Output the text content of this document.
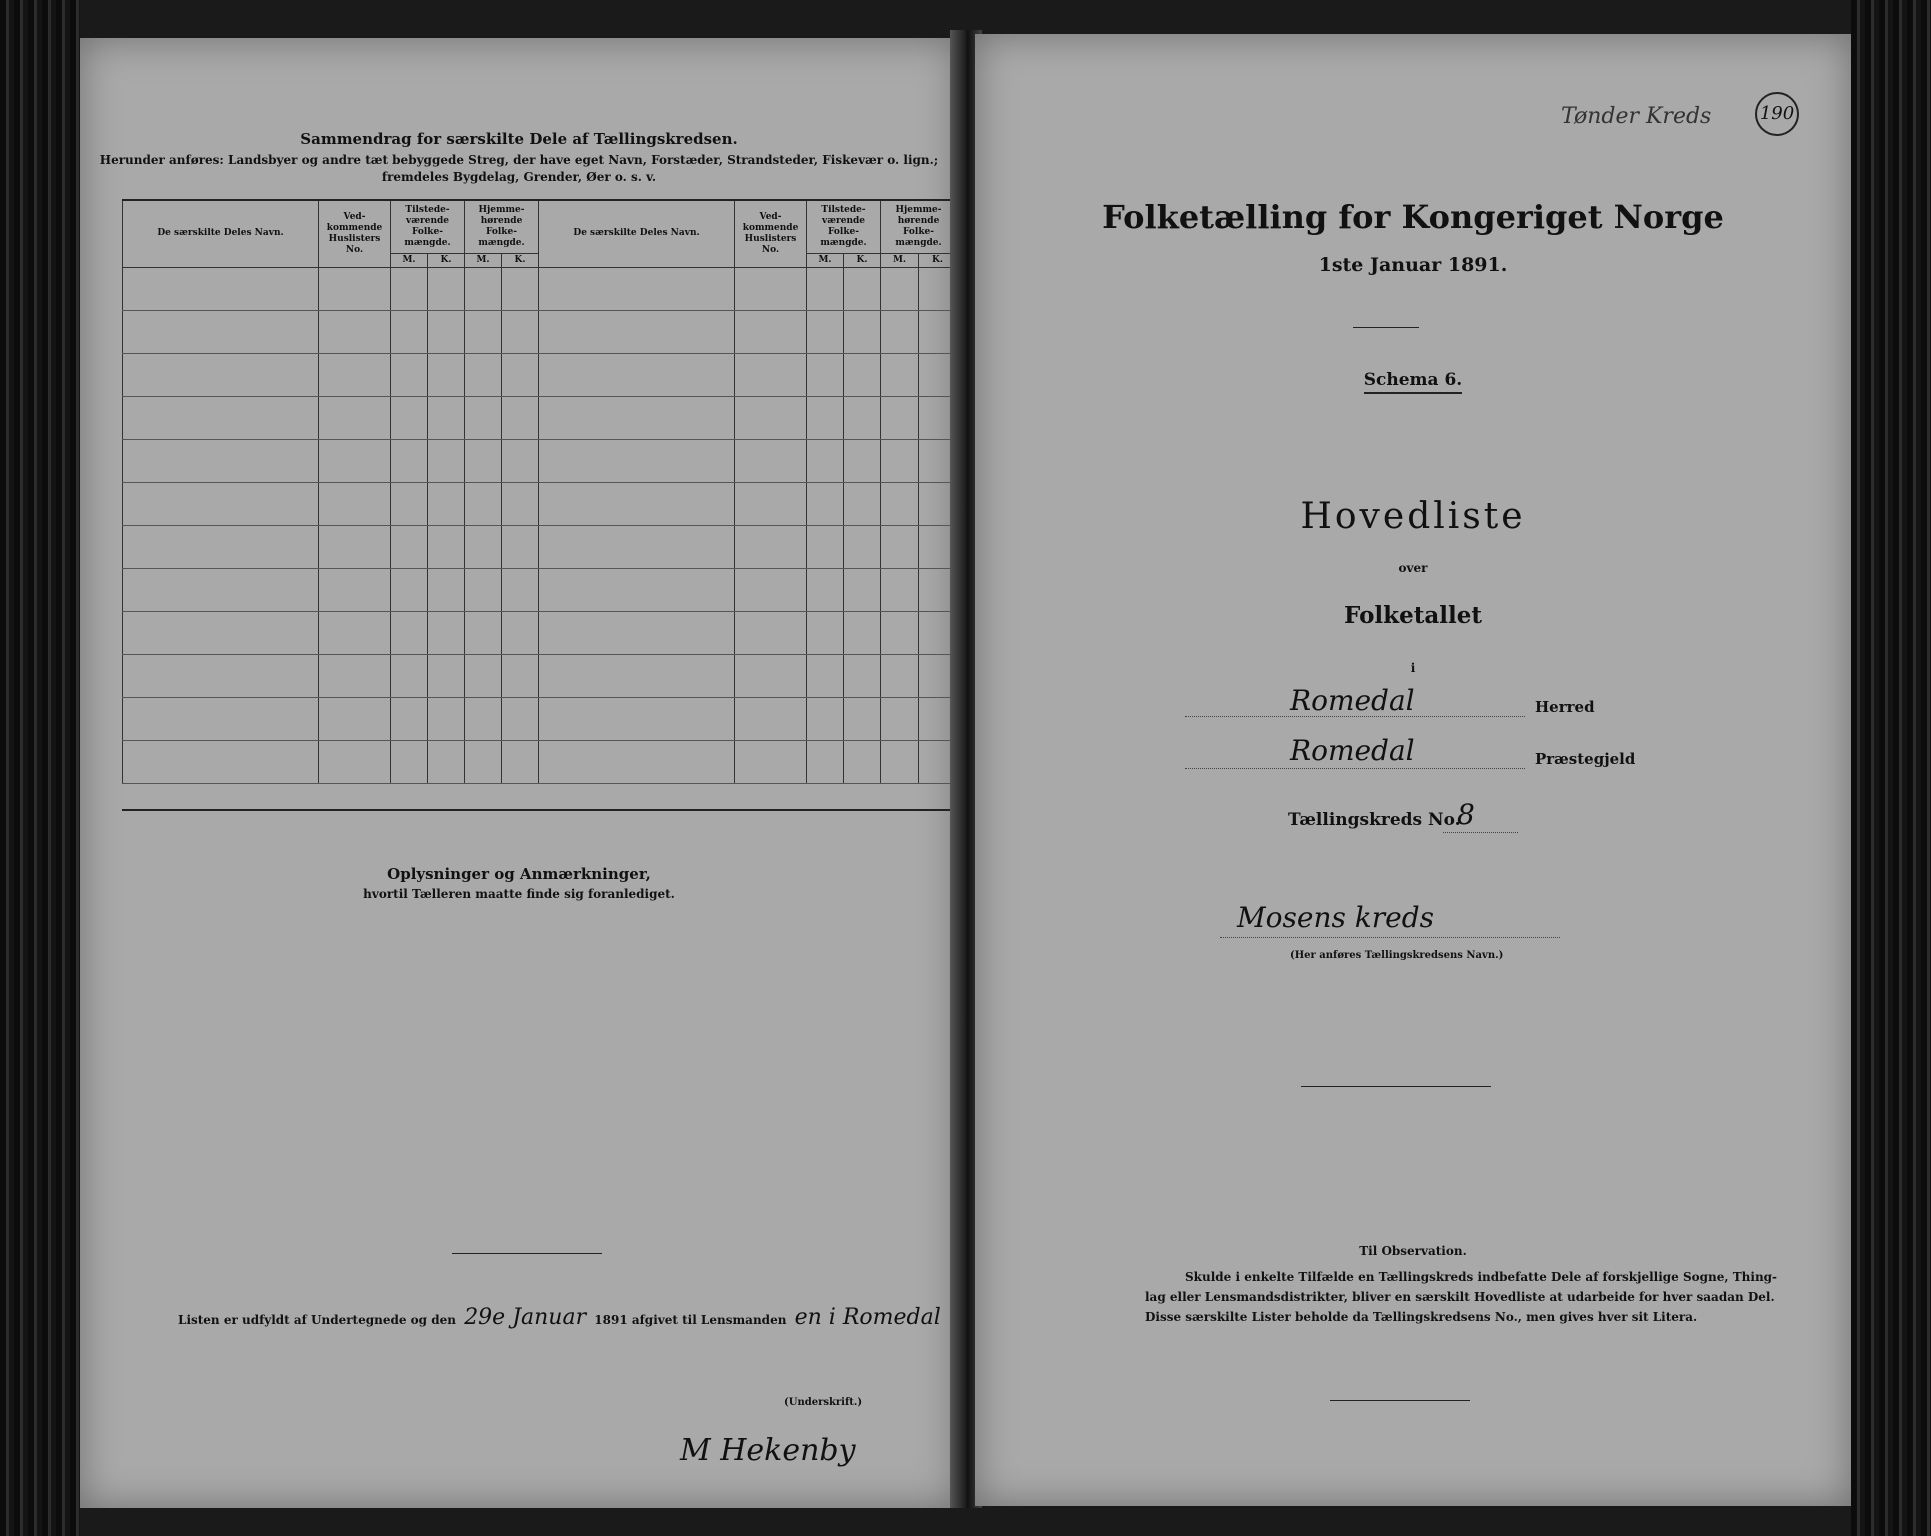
Sammendrag for særskilte Dele af Tællingskredsen.
Herunder anføres: Landsbyer og andre tæt bebyggede Streg, der have eget Navn, Forstæder, Strandsteder, Fiskevær o. lign.;
fremdeles Bygdelag, Grender, Øer o. s. v.
De særskilte Deles Navn.	Ved-kommende Huslisters No.	Tilstede-værende Folke-mængde.		Hjemme-hørende Folke-mængde.		De særskilte Deles Navn.	Ved-kommende Huslisters No.	Tilstede-værende Folke-mængde.		Hjemme-hørende Folke-mængde.	
		M.	K.	M.	K.			M.	K.	M.	K.

Oplysninger og Anmærkninger,
hvortil Tælleren maatte finde sig foranlediget.
Listen er udfyldt af Undertegnede og den 29e Januar 1891 afgivet til Lensmanden en i Romedal
(Underskrift.)
M Hekenby
Tønder Kreds	190
Folketælling for Kongeriget Norge
1ste Januar 1891.
Schema 6.
Hovedliste
over
Folketallet
i
Romedal	Herred
Romedal	Præstegjeld
Tællingskreds No.
8
Mosens kreds
(Her anføres Tællingskredsens Navn.)
Til Observation.
Skulde i enkelte Tilfælde en Tællingskreds indbefatte Dele af forskjellige Sogne, Thing-
lag eller Lensmandsdistrikter, bliver en særskilt Hovedliste at udarbeide for hver saadan Del.
Disse særskilte Lister beholde da Tællingskredsens No., men gives hver sit Litera.
